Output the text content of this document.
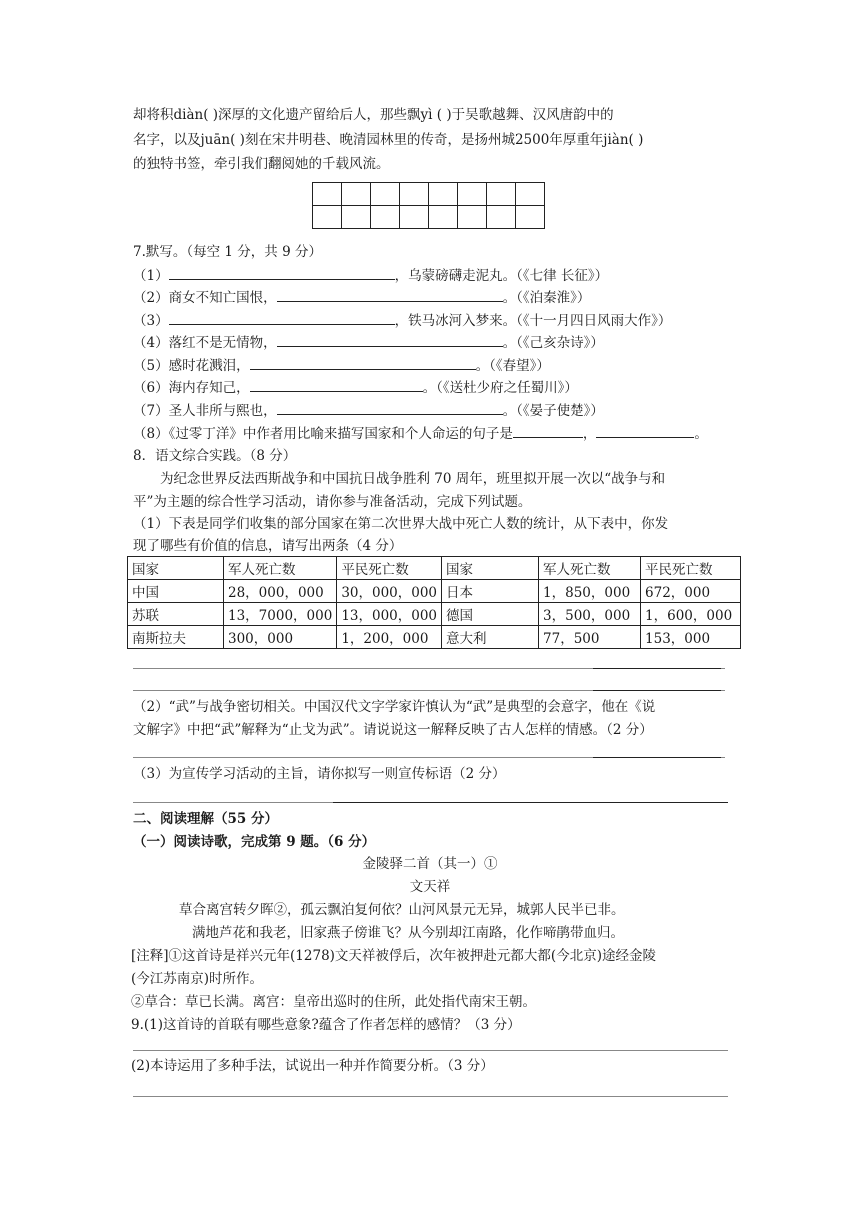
却将积diàn( )深厚的文化遗产留给后人，那些飘yì ( )于吴歌越舞、汉风唐韵中的
名字，以及juān( )刻在宋井明巷、晚清园林里的传奇，是扬州城2500年厚重年jiàn( )
的独特书签，牵引我们翻阅她的千载风流。

7.默写。（每空 1 分，共 9 分）
（1）	，乌蒙磅礴走泥丸。（《七律 长征》）
（2）商女不知亡国恨，	。（《泊秦淮》）
（3）	，铁马冰河入梦来。（《十一月四日风雨大作》）
（4）落红不是无情物，	。（《己亥杂诗》）
（5）感时花溅泪，	。（《春望》）
（6）海内存知己，	。（《送杜少府之任蜀川》）
（7）圣人非所与熙也，	。（《晏子使楚》）
（8）《过零丁洋》中作者用比喻来描写国家和个人命运的句子是	，	。
8．语文综合实践。（8 分）
为纪念世界反法西斯战争和中国抗日战争胜利 70 周年，班里拟开展一次以“战争与和
平”为主题的综合性学习活动，请你参与准备活动，完成下列试题。
（1）下表是同学们收集的部分国家在第二次世界大战中死亡人数的统计，从下表中，你发
现了哪些有价值的信息，请写出两条（4 分）
国家	军人死亡数	平民死亡数	国家	军人死亡数	平民死亡数
中国	28，000，000	30，000，000	日本	1，850，000	672，000
苏联	13，7000，000	13，000，000	德国	3，500，000	1，600，000
南斯拉夫	300，000	1，200，000	意大利	77，500	153，000
（2）“武”与战争密切相关。中国汉代文字学家许慎认为“武”是典型的会意字，他在《说
文解字》中把“武”解释为“止戈为武”。请说说这一解释反映了古人怎样的情感。（2 分）
（3）为宣传学习活动的主旨，请你拟写一则宣传标语（2 分）
二、阅读理解（55 分）
（一）阅读诗歌，完成第 9 题。（6 分）
金陵驿二首（其一）①
文天祥
草合离宫转夕晖②，孤云飘泊复何依？山河风景元无异，城郭人民半已非。
满地芦花和我老，旧家燕子傍谁飞？从今别却江南路，化作啼鹃带血归。
[注释]①这首诗是祥兴元年(1278)文天祥被俘后，次年被押赴元都大都(今北京)途经金陵
(今江苏南京)时所作。
②草合：草已长满。离宫：皇帝出巡时的住所，此处指代南宋王朝。
9.(1)这首诗的首联有哪些意象?蕴含了作者怎样的感情？（3 分）
(2)本诗运用了多种手法，试说出一种并作简要分析。（3 分）
